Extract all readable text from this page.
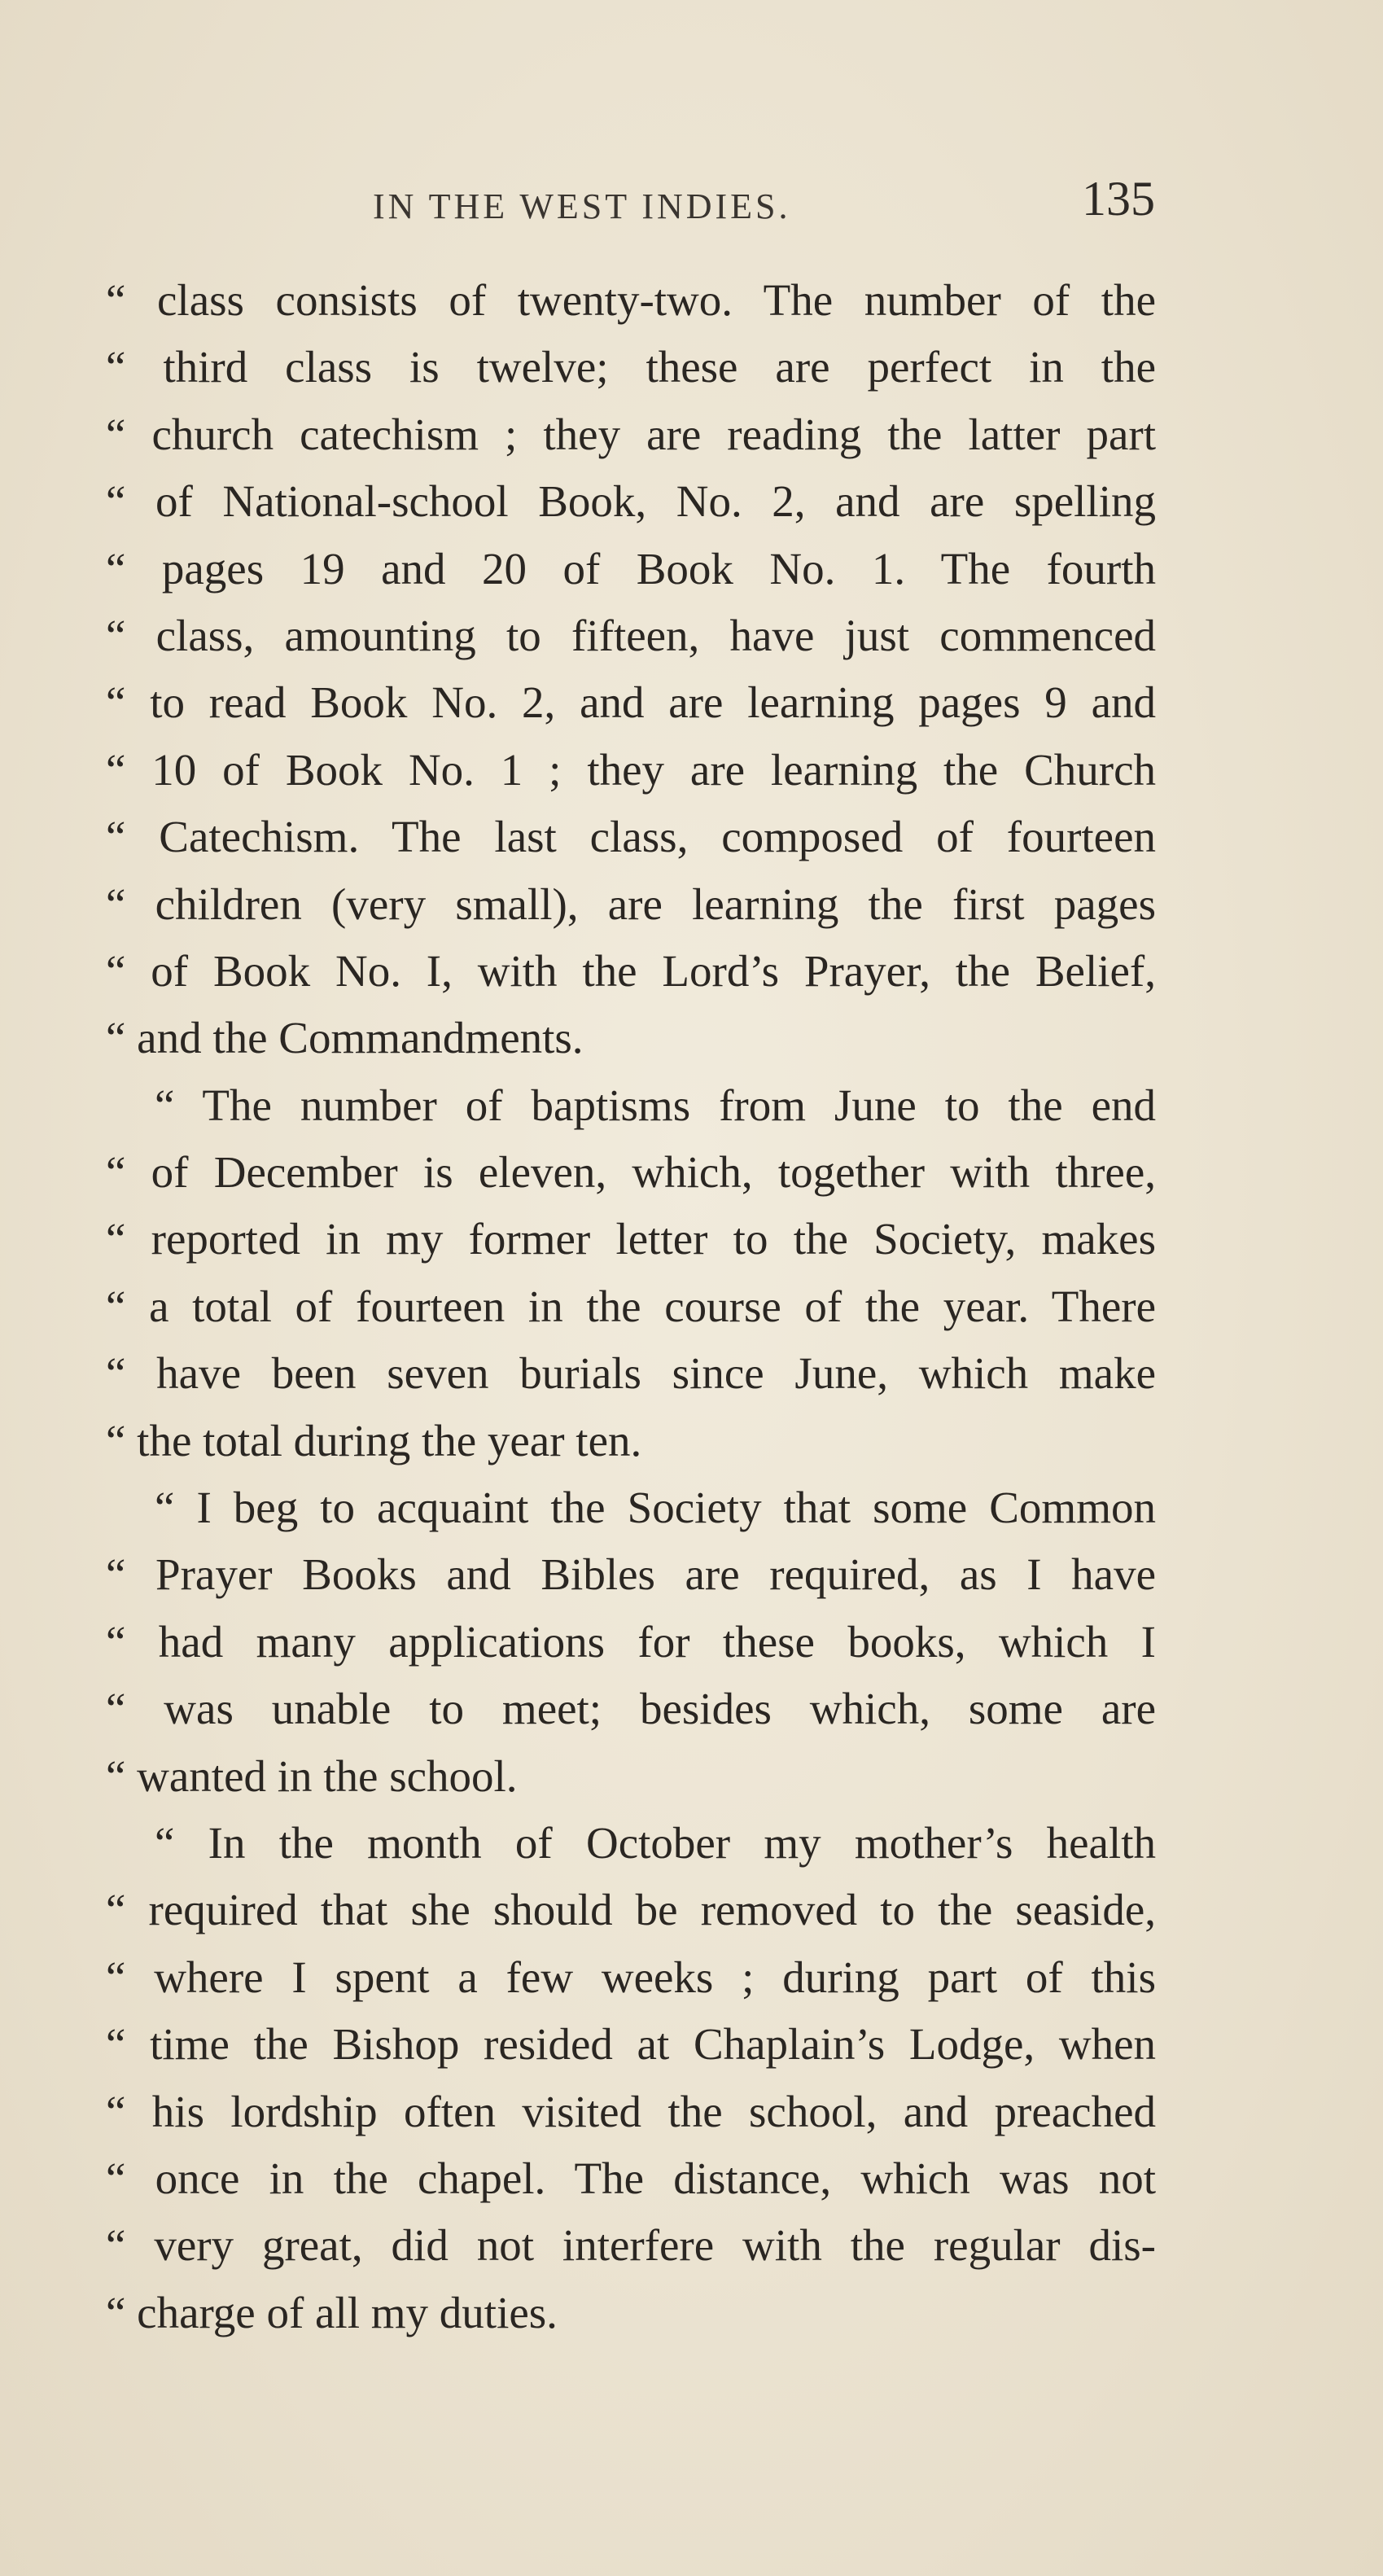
IN THE WEST INDIES.	135
“ class consists of twenty-two. The number of the
“ third class is twelve; these are perfect in the
“ church catechism ; they are reading the latter part
“ of National-school Book, No. 2, and are spelling
“ pages 19 and 20 of Book No. 1. The fourth
“ class, amounting to fifteen, have just commenced
“ to read Book No. 2, and are learning pages 9 and
“ 10 of Book No. 1 ; they are learning the Church
“ Catechism. The last class, composed of fourteen
“ children (very small), are learning the first pages
“ of Book No. I, with the Lord’s Prayer, the Belief,
“ and the Commandments.
“ The number of baptisms from June to the end
“ of December is eleven, which, together with three,
“ reported in my former letter to the Society, makes
“ a total of fourteen in the course of the year. There
“ have been seven burials since June, which make
“ the total during the year ten.
“ I beg to acquaint the Society that some Common
“ Prayer Books and Bibles are required, as I have
“ had many applications for these books, which I
“ was unable to meet; besides which, some are
“ wanted in the school.
“ In the month of October my mother’s health
“ required that she should be removed to the seaside,
“ where I spent a few weeks ; during part of this
“ time the Bishop resided at Chaplain’s Lodge, when
“ his lordship often visited the school, and preached
“ once in the chapel. The distance, which was not
“ very great, did not interfere with the regular dis-
“ charge of all my duties.
